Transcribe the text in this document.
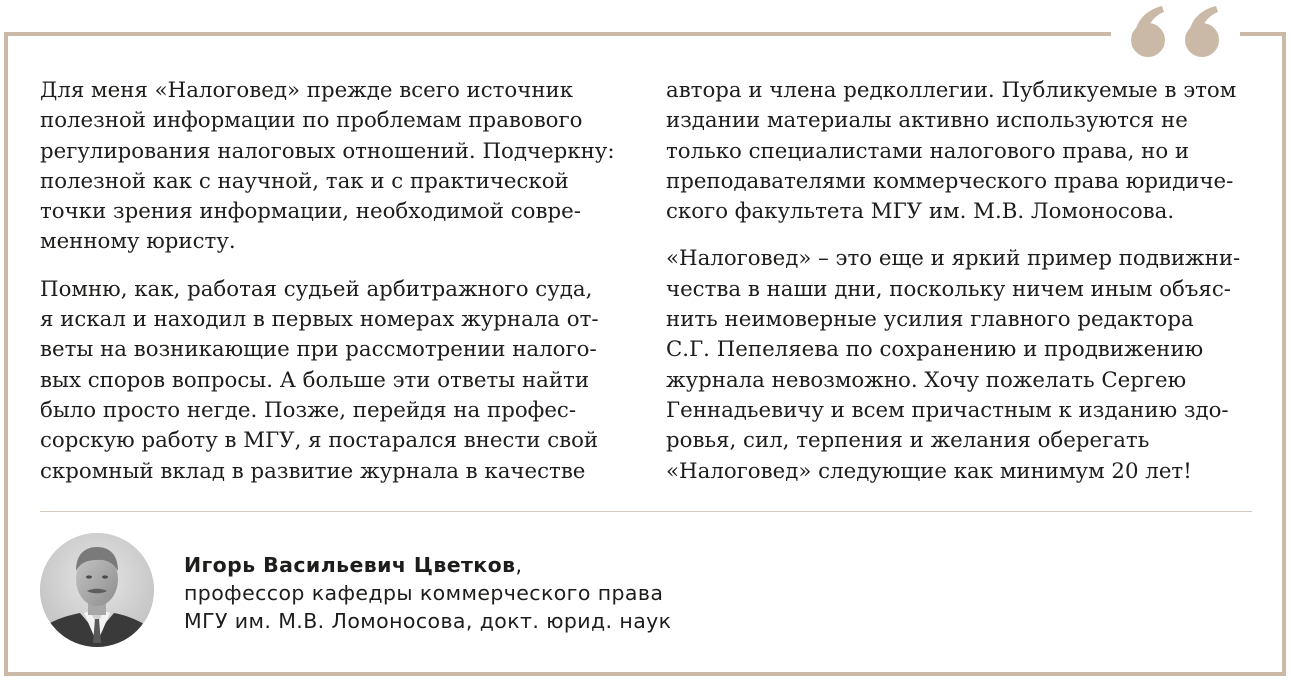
Для меня «Налоговед» прежде всего источник
полезной информации по проблемам правового
регулирования налоговых отношений. Подчеркну:
полезной как с научной, так и с практической
точки зрения информации, необходимой совре-
менному юристу.

Помню, как, работая судьей арбитражного суда,
я искал и находил в первых номерах журнала от-
веты на возникающие при рассмотрении налого-
вых споров вопросы. А больше эти ответы найти
было просто негде. Позже, перейдя на профес-
сорскую работу в МГУ, я постарался внести свой
скромный вклад в развитие журнала в качестве

автора и члена редколлегии. Публикуемые в этом
издании материалы активно используются не
только специалистами налогового права, но и
преподавателями коммерческого права юридиче-
ского факультета МГУ им. М.В. Ломоносова.

«Налоговед» – это еще и яркий пример подвижни-
чества в наши дни, поскольку ничем иным объяс-
нить неимоверные усилия главного редактора
С.Г. Пепеляева по сохранению и продвижению
журнала невозможно. Хочу пожелать Сергею
Геннадьевичу и всем причастным к изданию здо-
ровья, сил, терпения и желания оберегать
«Налоговед» следующие как минимум 20 лет!

Игорь Васильевич Цветков,
профессор кафедры коммерческого права
МГУ им. М.В. Ломоносова, докт. юрид. наук
